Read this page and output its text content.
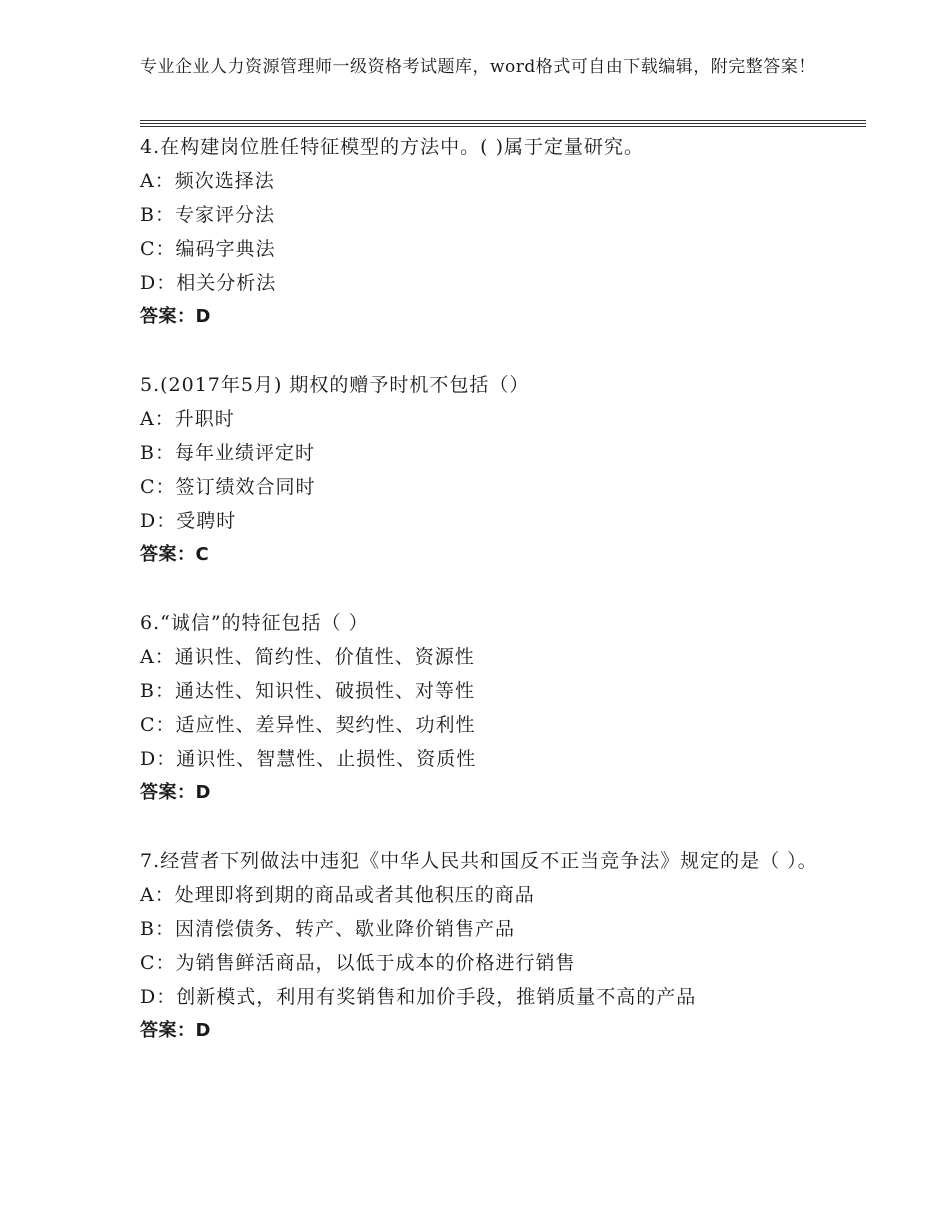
专业企业人力资源管理师一级资格考试题库，word格式可自由下载编辑，附完整答案！
4.在构建岗位胜任特征模型的方法中。( )属于定量研究。
A：频次选择法
B：专家评分法
C：编码字典法
D：相关分析法
答案：D
5.(2017年5月) 期权的赠予时机不包括（）
A：升职时
B：每年业绩评定时
C：签订绩效合同时
D：受聘时
答案：C
6.“诚信”的特征包括（ ）
A：通识性、简约性、价值性、资源性
B：通达性、知识性、破损性、对等性
C：适应性、差异性、契约性、功利性
D：通识性、智慧性、止损性、资质性
答案：D
7.经营者下列做法中违犯《中华人民共和国反不正当竞争法》规定的是（ ）。
A：处理即将到期的商品或者其他积压的商品
B：因清偿债务、转产、歇业降价销售产品
C：为销售鲜活商品，以低于成本的价格进行销售
D：创新模式，利用有奖销售和加价手段，推销质量不高的产品
答案：D
